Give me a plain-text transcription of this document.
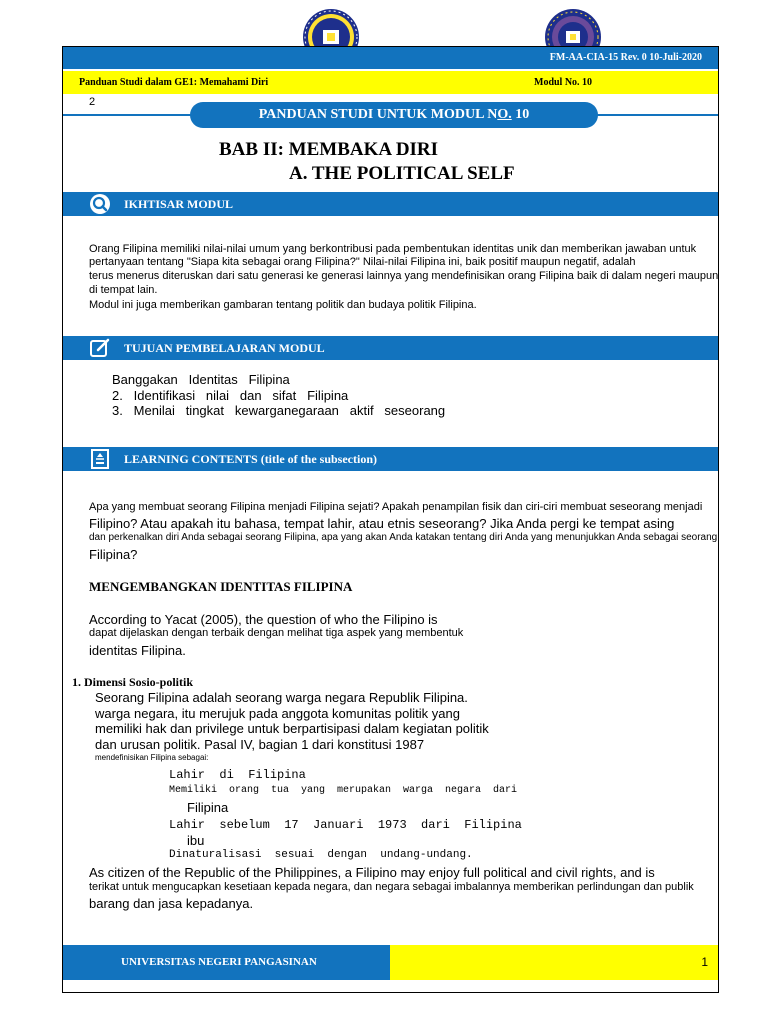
FM-AA-CIA-15 Rev. 0 10-Juli-2020
Panduan Studi dalam GE1: Memahami Diri	Modul No. 10
2
PANDUAN STUDI UNTUK MODUL NO. 10
BAB II: MEMBAKA DIRI
A. THE POLITICAL SELF
IKHTISAR MODUL
Orang Filipina memiliki nilai-nilai umum yang berkontribusi pada pembentukan identitas unik dan memberikan jawaban untuk
pertanyaan tentang "Siapa kita sebagai orang Filipina?" Nilai-nilai Filipina ini, baik positif maupun negatif, adalah
terus menerus diteruskan dari satu generasi ke generasi lainnya yang mendefinisikan orang Filipina baik di dalam negeri maupun
di tempat lain.
Modul ini juga memberikan gambaran tentang politik dan budaya politik Filipina.
TUJUAN PEMBELAJARAN MODUL
Banggakan   Identitas   Filipina
2.   Identifikasi   nilai   dan   sifat   Filipina
3.   Menilai   tingkat   kewarganegaraan   aktif   seseorang
LEARNING CONTENTS (title of the subsection)
Apa yang membuat seorang Filipina menjadi Filipina sejati? Apakah penampilan fisik dan ciri-ciri membuat seseorang menjadi
Filipino? Atau apakah itu bahasa, tempat lahir, atau etnis seseorang? Jika Anda pergi ke tempat asing
dan perkenalkan diri Anda sebagai seorang Filipina, apa yang akan Anda katakan tentang diri Anda yang menunjukkan Anda sebagai seorang
Filipina?
MENGEMBANGKAN IDENTITAS FILIPINA
According to Yacat (2005), the question of who the Filipino is
dapat dijelaskan dengan terbaik dengan melihat tiga aspek yang membentuk
identitas Filipina.
1. Dimensi Sosio-politik
Seorang Filipina adalah seorang warga negara Republik Filipina.
warga negara, itu merujuk pada anggota komunitas politik yang
memiliki hak dan privilege untuk berpartisipasi dalam kegiatan politik
dan urusan politik. Pasal IV, bagian 1 dari konstitusi 1987
mendefinisikan Filipina sebagai:
Lahir  di  Filipina
Memiliki  orang  tua  yang  merupakan  warga  negara  dari
Filipina
Lahir  sebelum  17  Januari  1973  dari  Filipina
ibu
Dinaturalisasi  sesuai  dengan  undang-undang.
As citizen of the Republic of the Philippines, a Filipino may enjoy full political and civil rights, and is
terikat untuk mengucapkan kesetiaan kepada negara, dan negara sebagai imbalannya memberikan perlindungan dan publik
barang dan jasa kepadanya.
UNIVERSITAS NEGERI PANGASINAN	1
